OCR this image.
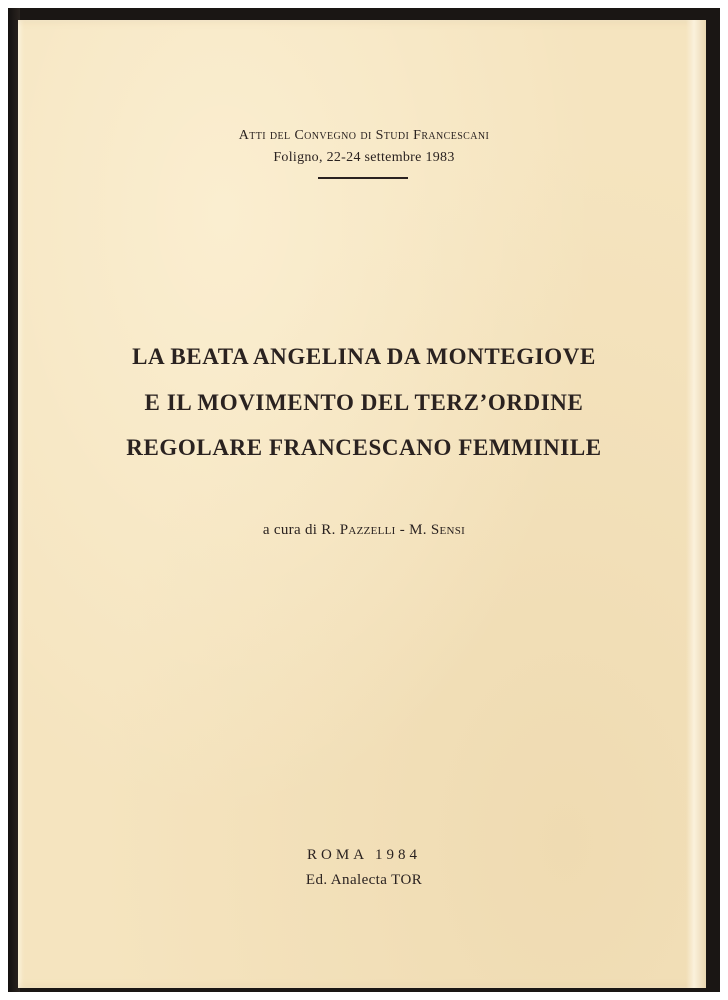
Atti del Convegno di Studi Francescani
Foligno, 22-24 settembre 1983
LA BEATA ANGELINA DA MONTEGIOVE
E IL MOVIMENTO DEL TERZ’ORDINE
REGOLARE FRANCESCANO FEMMINILE
a cura di R. Pazzelli - M. Sensi
ROMA 1984
Ed. Analecta TOR
